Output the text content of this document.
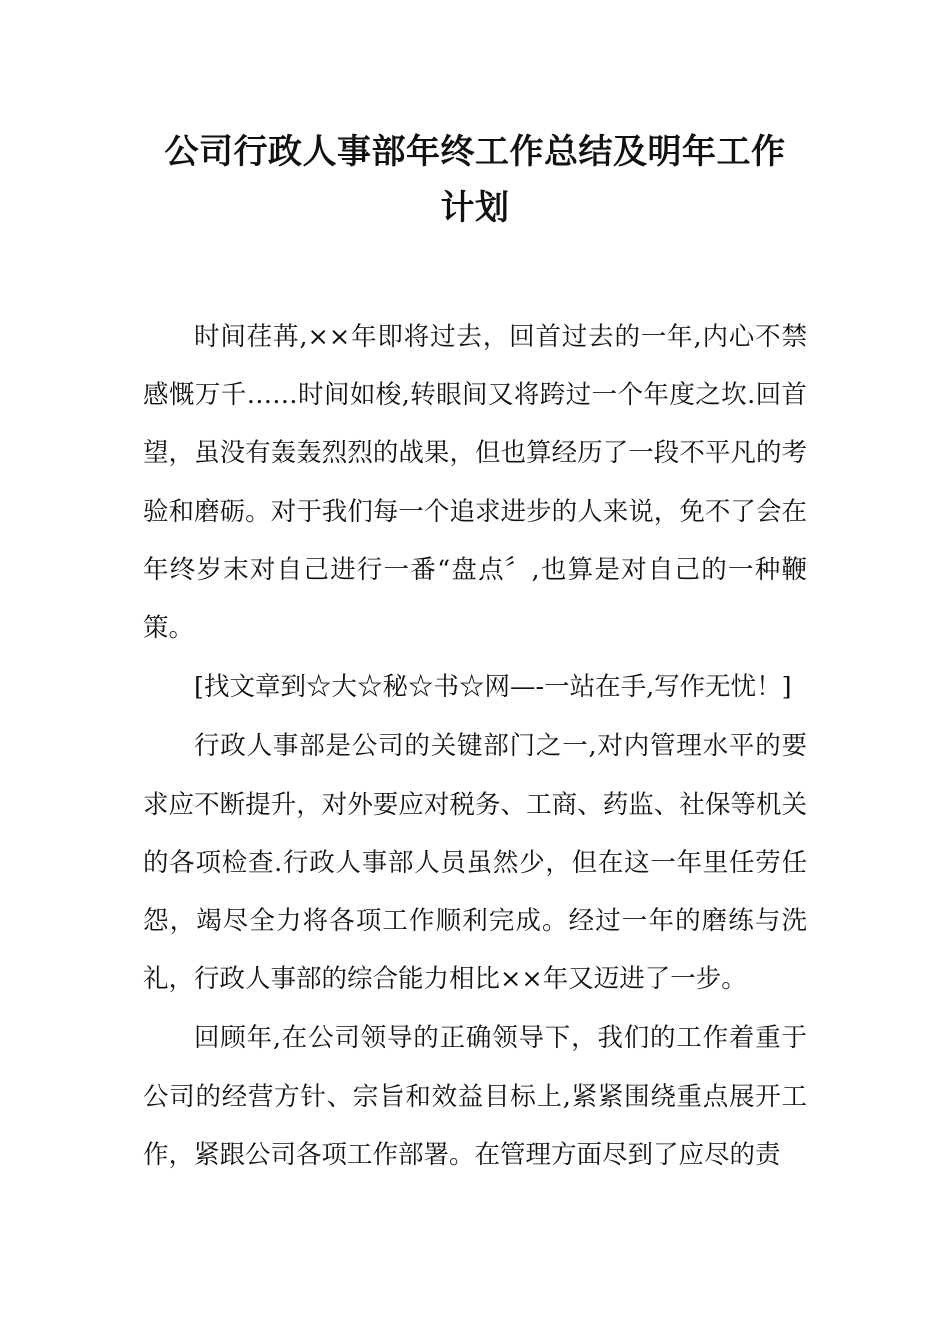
公司行政人事部年终工作总结及明年工作
计划

时间荏苒,××年即将过去，回首过去的一年,内心不禁感慨万千……时间如梭,转眼间又将跨过一个年度之坎.回首望，虽没有轰轰烈烈的战果，但也算经历了一段不平凡的考验和磨砺。对于我们每一个追求进步的人来说，免不了会在年终岁末对自己进行一番“盘点〞,也算是对自己的一种鞭策。

[找文章到☆大☆秘☆书☆网—-一站在手,写作无忧！]

行政人事部是公司的关键部门之一,对内管理水平的要求应不断提升，对外要应对税务、工商、药监、社保等机关的各项检查.行政人事部人员虽然少，但在这一年里任劳任怨，竭尽全力将各项工作顺利完成。经过一年的磨练与洗礼，行政人事部的综合能力相比××年又迈进了一步。

回顾年,在公司领导的正确领导下，我们的工作着重于公司的经营方针、宗旨和效益目标上,紧紧围绕重点展开工作，紧跟公司各项工作部署。在管理方面尽到了应尽的责
